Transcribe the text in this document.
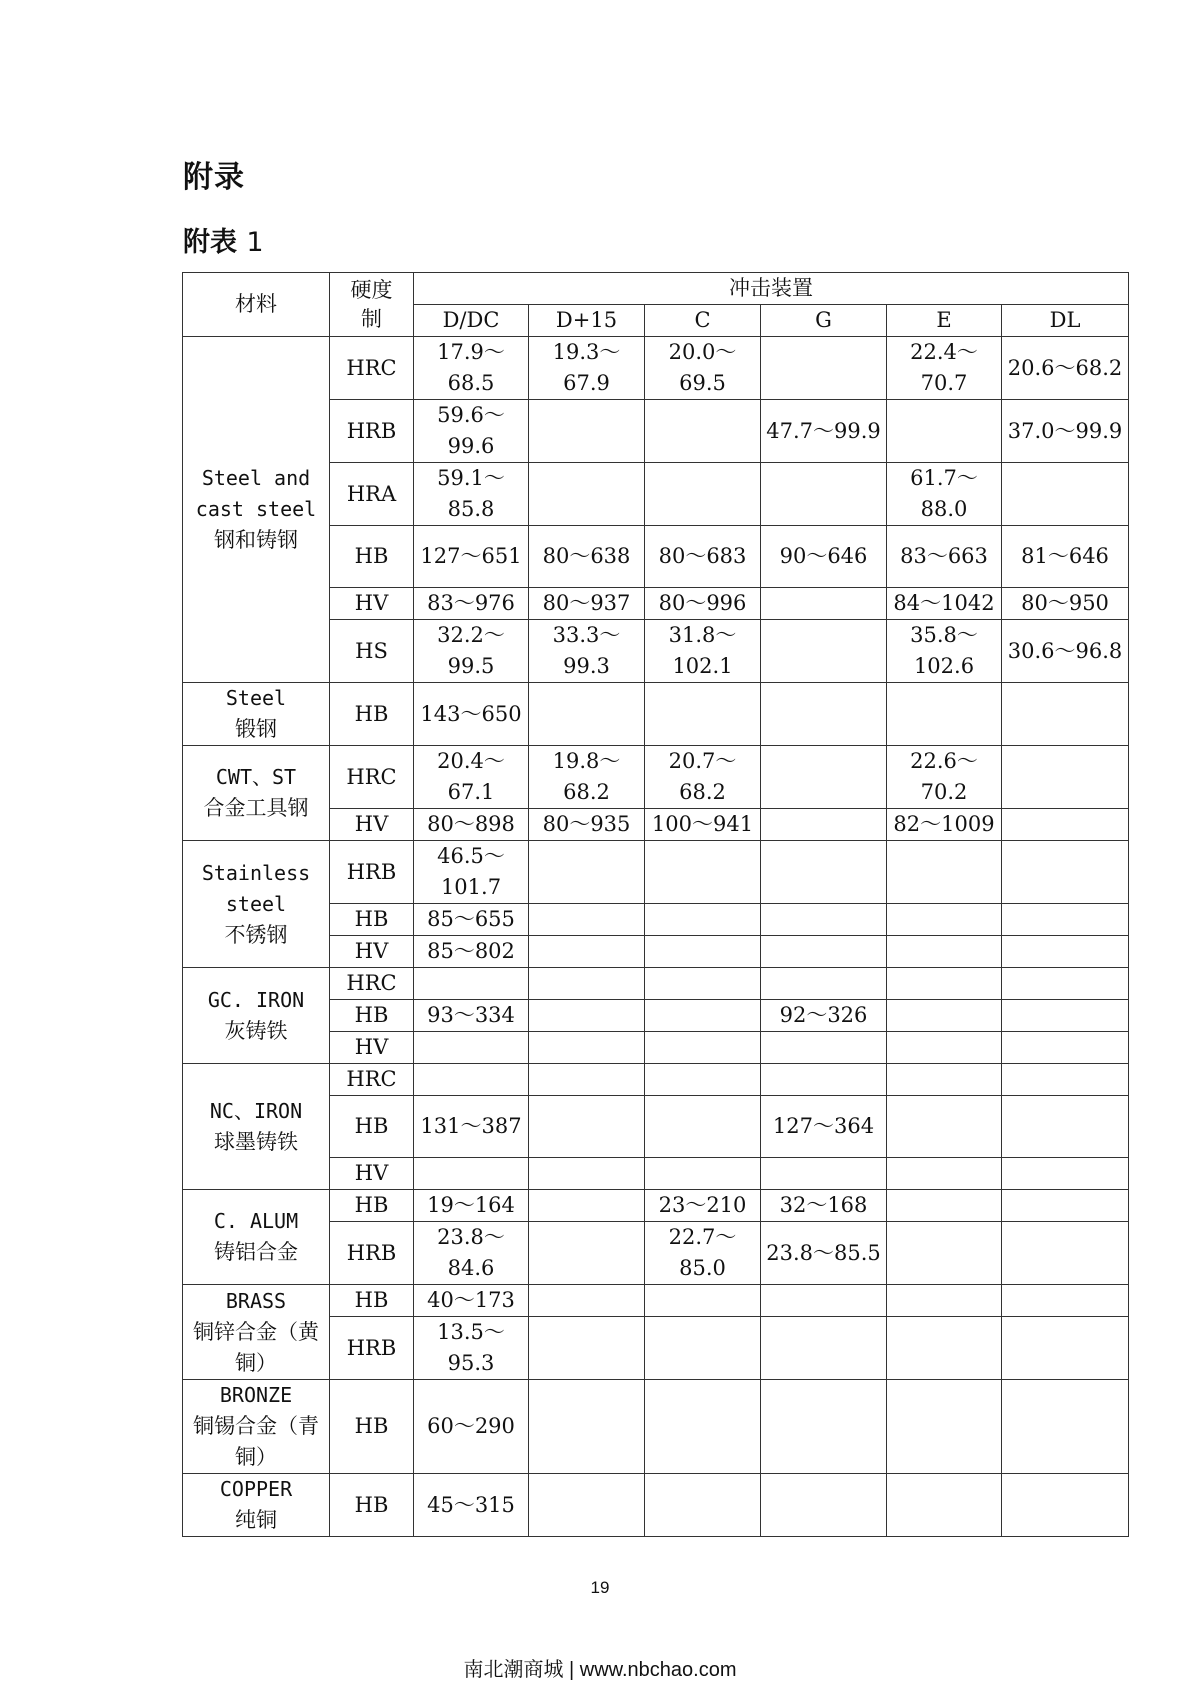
附录
附表 1
材料	硬度制	冲击装置					
		D/DC	D+15	C	G	E	DL

Steel and cast steel
钢和铸钢	HRC	17.9～68.5	19.3～67.9	20.0～69.5		22.4～70.7	20.6～68.2
	HRB	59.6～99.6			47.7～99.9		37.0～99.9
	HRA	59.1～85.8				61.7～88.0	
	HB	127～651	80～638	80～683	90～646	83～663	81～646
	HV	83～976	80～937	80～996		84～1042	80～950
	HS	32.2～99.5	33.3～99.3	31.8～102.1		35.8～102.6	30.6～96.8

Steel
锻钢	HB	143～650					

CWT、ST
合金工具钢	HRC	20.4～67.1	19.8～68.2	20.7～68.2		22.6～70.2	
	HV	80～898	80～935	100～941		82～1009	

Stainless steel
不锈钢	HRB	46.5～101.7					
	HB	85～655					
	HV	85～802					

GC. IRON
灰铸铁	HRC						
	HB	93～334			92～326		
	HV						

NC、IRON
球墨铸铁	HRC						
	HB	131～387			127～364		
	HV						

C. ALUM
铸铝合金	HB	19～164		23～210	32～168		
	HRB	23.8～84.6		22.7～85.0	23.8～85.5		

BRASS
铜锌合金（黄铜）	HB	40～173					
	HRB	13.5～95.3					

BRONZE
铜锡合金（青铜）	HB	60～290					

COPPER
纯铜	HB	45～315					
19
南北潮商城 | www.nbchao.com
